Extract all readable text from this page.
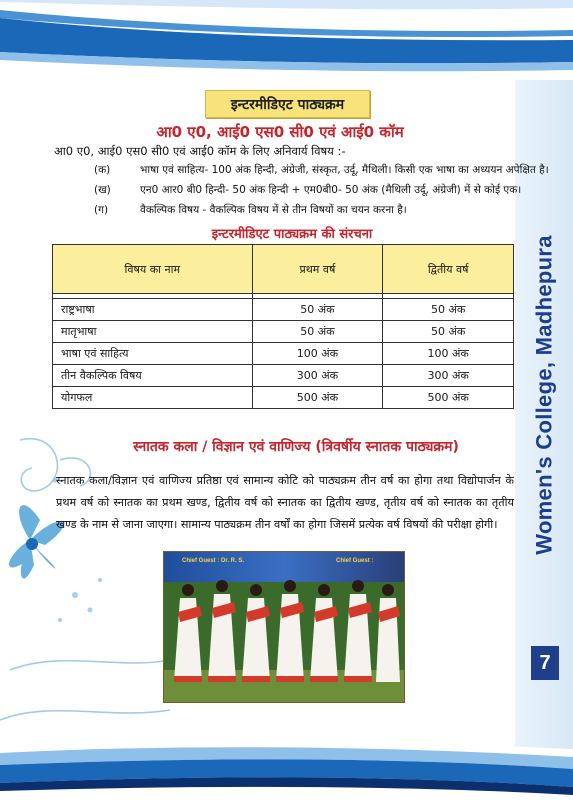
Women's College, Madhepura
7
इन्टरमीडिएट पाठ्यक्रम
आ0 ए0, आई0 एस0 सी0 एवं आई0 कॉम
आ0 ए0, आई0 एस0 सी0 एवं आई0 कॉम के लिए अनिवार्य विषय :-
(क)	भाषा एवं साहित्य- 100 अंक हिन्दी, अंग्रेजी, संस्कृत, उर्दू, मैथिली। किसी एक भाषा का अध्ययन अपेक्षित है।
(ख)	एन0 आर0 बी0 हिन्दी- 50 अंक हिन्दी + एम0बी0- 50 अंक (मैथिली उर्दू, अंग्रेजी) में से कोई एक।
(ग)	वैकल्पिक विषय - वैकल्पिक विषय में से तीन विषयों का चयन करना है।
इन्टरमीडिएट पाठ्यक्रम की संरचना
विषय का नाम	प्रथम वर्ष	द्वितीय वर्ष

राष्ट्रभाषा	50 अंक	50 अंक
मातृभाषा	50 अंक	50 अंक
भाषा एवं साहित्य	100 अंक	100 अंक
तीन वैकल्पिक विषय	300 अंक	300 अंक
योगफल	500 अंक	500 अंक
स्नातक कला / विज्ञान एवं वाणिज्य (त्रिवर्षीय स्नातक पाठ्यक्रम)
स्नातक कला/विज्ञान एवं वाणिज्य प्रतिष्ठा एवं सामान्य कोटि को पाठ्यक्रम तीन वर्ष का होगा तथा विद्योपार्जन के प्रथम वर्ष को स्नातक का प्रथम खण्ड, द्वितीय वर्ष को स्नातक का द्वितीय खण्ड, तृतीय वर्ष को स्नातक का तृतीय खण्ड के नाम से जाना जाएगा। सामान्य पाठ्यक्रम तीन वर्षों का होगा जिसमें प्रत्येक वर्ष विषयों की परीक्षा होगी।
Chief Guest : Dr. R. S.	Chief Guest :
